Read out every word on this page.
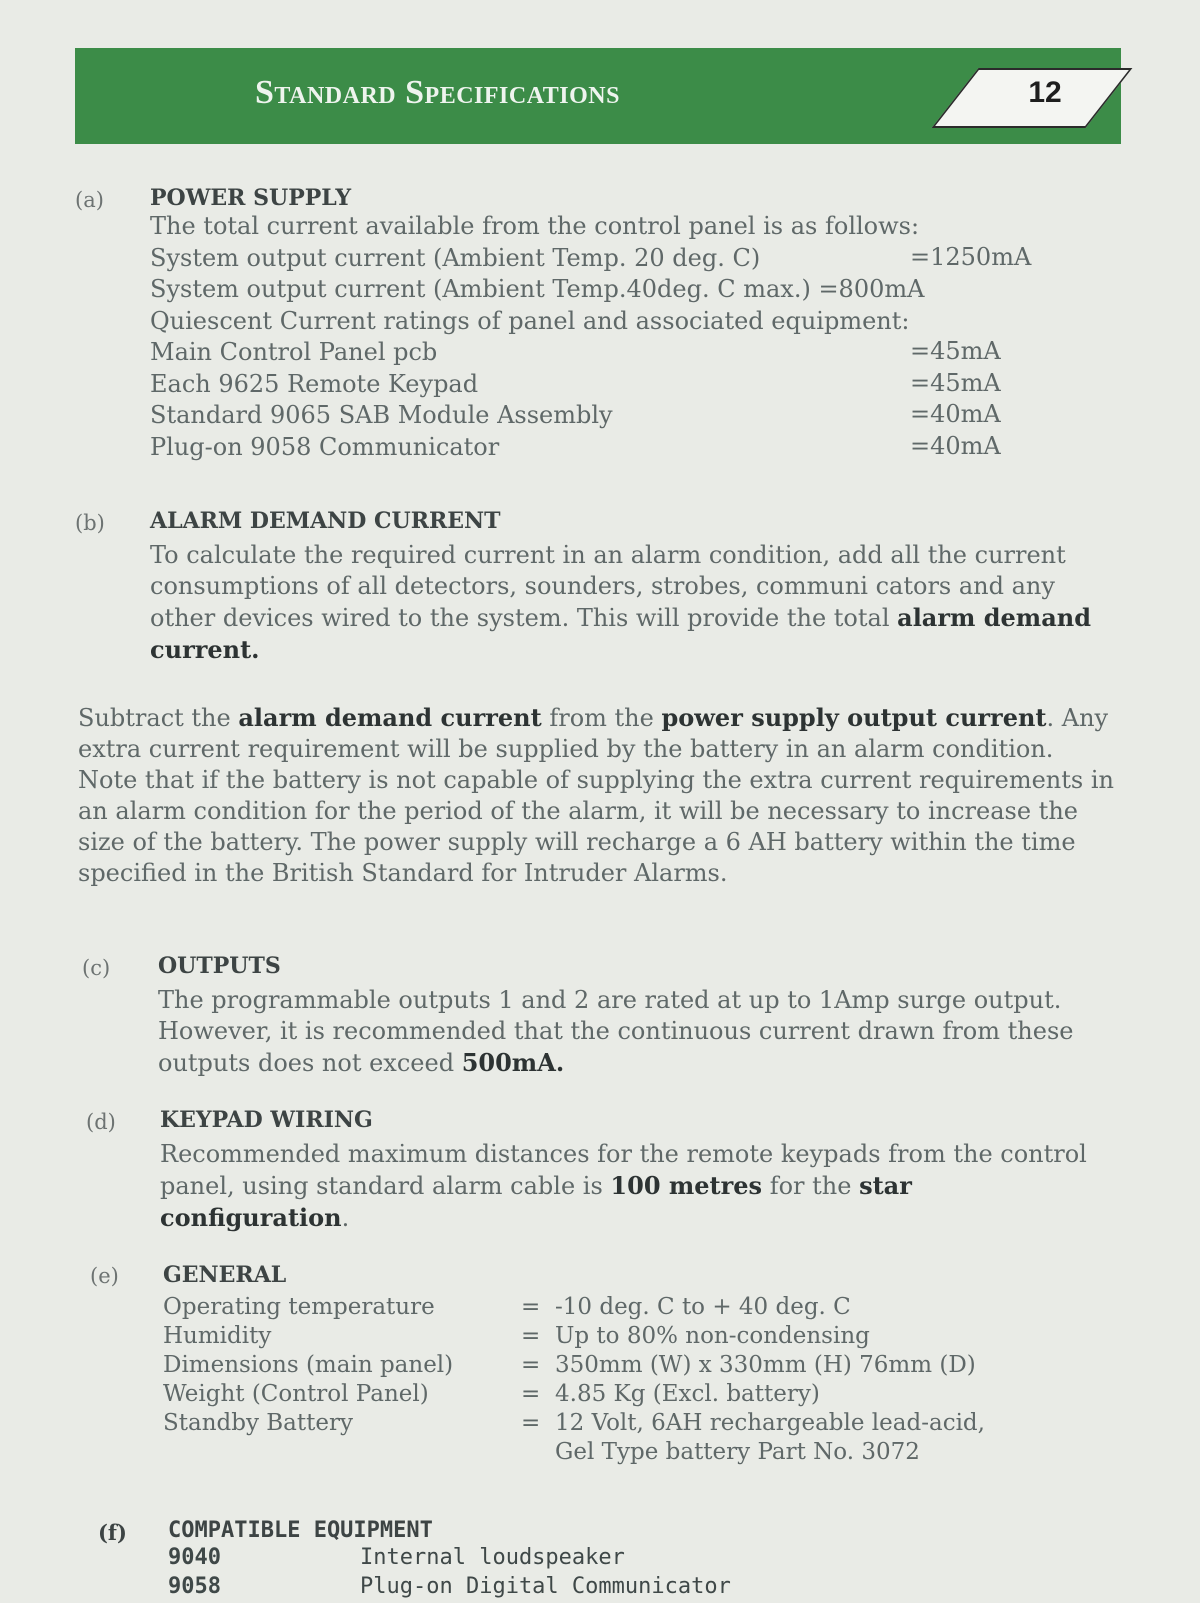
Standard Specifications	12
(a) POWER SUPPLY
The total current available from the control panel is as follows:
System output current (Ambient Temp. 20 deg. C)	=1250mA
System output current (Ambient Temp.40deg. C max.) =800mA
Quiescent Current ratings of panel and associated equipment:
Main Control Panel pcb	=45mA
Each 9625 Remote Keypad	=45mA
Standard 9065 SAB Module Assembly	=40mA
Plug-on 9058 Communicator	=40mA
(b) ALARM DEMAND CURRENT

To calculate the required current in an alarm condition, add all the current consumptions of all detectors, sounders, strobes, communi cators and any other devices wired to the system. This will provide the total alarm demand current.

Subtract the alarm demand current from the power supply output current. Any extra current requirement will be supplied by the battery in an alarm condition. Note that if the battery is not capable of supplying the extra current requirements in an alarm condition for the period of the alarm, it will be necessary to increase the size of the battery. The power supply will recharge a 6 AH battery within the time specified in the British Standard for Intruder Alarms.

(c) OUTPUTS

The programmable outputs 1 and 2 are rated at up to 1Amp surge output. However, it is recommended that the continuous current drawn from these outputs does not exceed 500mA.

(d) KEYPAD WIRING

Recommended maximum distances for the remote keypads from the control panel, using standard alarm cable is 100 metres for the star configuration.

(e) GENERAL
Operating temperature	= -10 deg. C to + 40 deg. C
Humidity	= Up to 80% non-condensing
Dimensions (main panel)	= 350mm (W) x 330mm (H) 76mm (D)
Weight (Control Panel)	= 4.85 Kg (Excl. battery)
Standby Battery	= 12 Volt, 6AH rechargeable lead-acid,
Gel Type battery Part No. 3072
(f) COMPATIBLE EQUIPMENT
9040	Internal loudspeaker
9058	Plug-on Digital Communicator
